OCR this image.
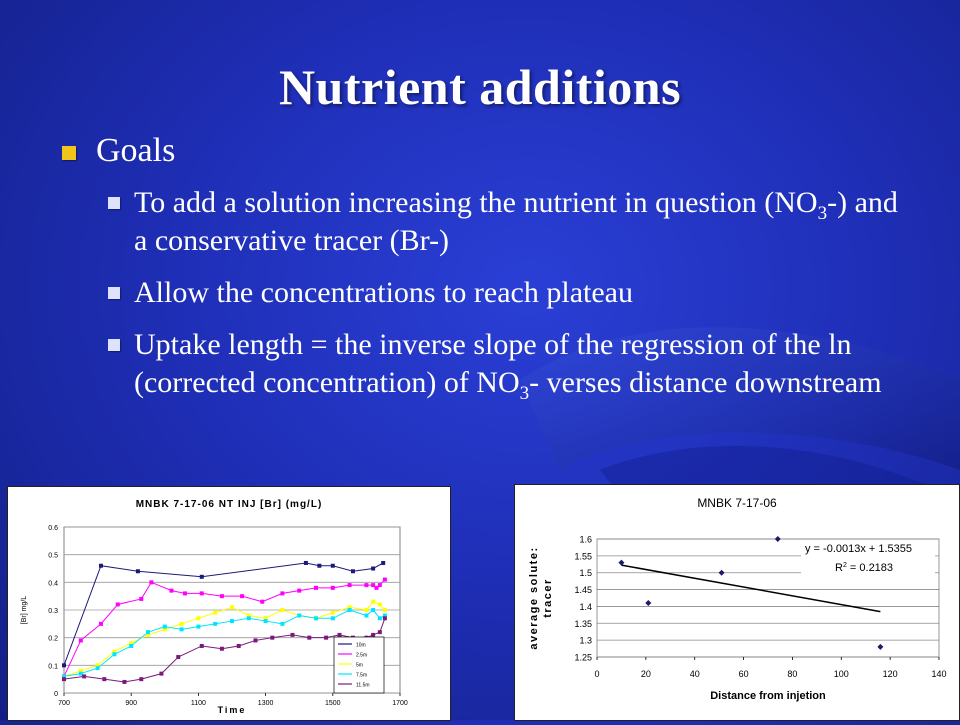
Nutrient additions
Goals
To add a solution increasing the nutrient in question $(NO_3-)$ and a conservative tracer (Br-)
Allow the concentrations to reach plateau
Uptake length = the inverse slope of the regression of the ln (corrected concentration) of $NO_3-$ verses distance downstream
MNBK 7-17-06 NT INJ [Br] (mg/L)
0
0.1
0.2
0.3
0.4
0.5
0.6
700	900	1100	1300	1500	1700
Time
[Br] mg/L
10m
2.5m
5m
7.5m
11.5m
MNBK 7-17-06
1.25
1.3
1.35
1.4
1.45
1.5
1.55
1.6
0	20	40	60	80	100	120	140
Distance from injetion
average solute: tracer
y = -0.0013x + 1.5355
$R^2 = 0.2183$
